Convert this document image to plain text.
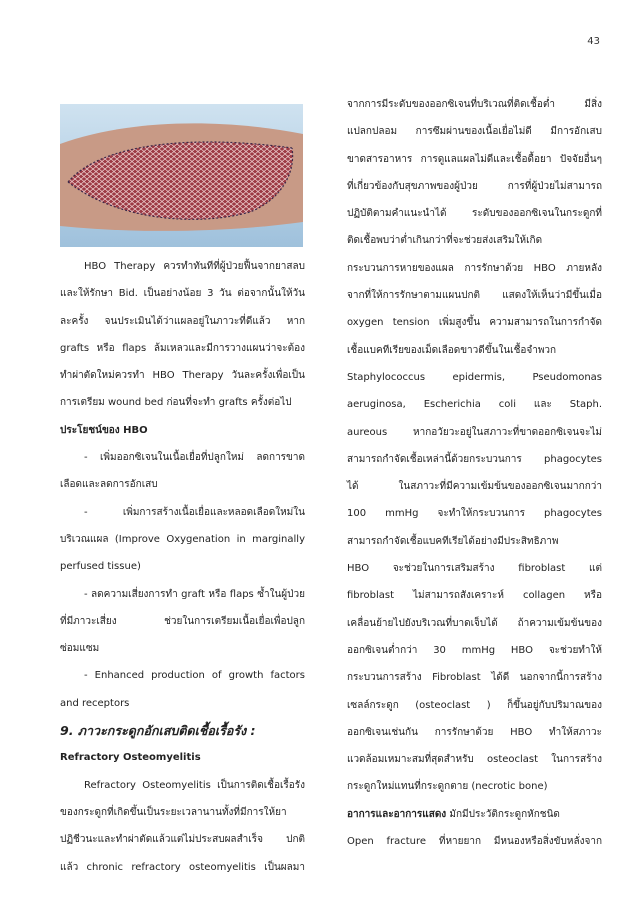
43

HBO Therapy ควรทำทันทีที่ผู้ป่วยฟื้นจากยาสลบ

และให้รักษา Bid. เป็นอย่างน้อย 3 วัน ต่อจากนั้นให้วัน

ละครั้ง จนประเมินได้ว่าแผลอยู่ในภาวะที่ดีแล้ว หาก

grafts หรือ flaps ล้มเหลวและมีการวางแผนว่าจะต้อง

ทำผ่าตัดใหม่ควรทำ HBO Therapy วันละครั้งเพื่อเป็น

การเตรียม wound bed ก่อนที่จะทำ grafts ครั้งต่อไป

ประโยชน์ของ HBO

- เพิ่มออกซิเจนในเนื้อเยื่อที่ปลูกใหม่ ลดการขาด

เลือดและลดการอักเสบ

- เพิ่มการสร้างเนื้อเยื่อและหลอดเลือดใหม่ใน

บริเวณแผล (Improve Oxygenation in marginally

perfused tissue)

- ลดความเสี่ยงการทำ graft หรือ flaps ซ้ำในผู้ป่วย

ที่มีภาวะเสี่ยง ช่วยในการเตรียมเนื้อเยื่อเพื่อปลูก

ซ่อมแซม

- Enhanced production of growth factors

and receptors

9. ภาวะกระดูกอักเสบติดเชื้อเรื้อรัง :

Refractory Osteomyelitis

Refractory Osteomyelitis เป็นการติดเชื้อเรื้อรัง

ของกระดูกที่เกิดขึ้นเป็นระยะเวลานานทั้งที่มีการให้ยา

ปฏิชีวนะและทำผ่าตัดแล้วแต่ไม่ประสบผลสำเร็จ ปกติ

แล้ว chronic refractory osteomyelitis เป็นผลมา

จากการมีระดับของออกซิเจนที่บริเวณที่ติดเชื้อต่ำ มีสิ่ง

แปลกปลอม การซึมผ่านของเนื้อเยื่อไม่ดี มีการอักเสบ

ขาดสารอาหาร การดูแลแผลไม่ดีและเชื้อดื้อยา ปัจจัยอื่นๆ

ที่เกี่ยวข้องกับสุขภาพของผู้ป่วย การที่ผู้ป่วยไม่สามารถ

ปฏิบัติตามคำแนะนำได้ ระดับของออกซิเจนในกระดูกที่

ติดเชื้อพบว่าต่ำเกินกว่าที่จะช่วยส่งเสริมให้เกิด

กระบวนการหายของแผล การรักษาด้วย HBO ภายหลัง

จากที่ให้การรักษาตามแผนปกติ แสดงให้เห็นว่ามีขึ้นเมื่อ

oxygen tension เพิ่มสูงขึ้น ความสามารถในการกำจัด

เชื้อแบคทีเรียของเม็ดเลือดขาวดีขึ้นในเชื้อจำพวก

Staphylococcus epidermis, Pseudomonas

aeruginosa, Escherichia coli และ Staph.

aureous หากอวัยวะอยู่ในสภาวะที่ขาดออกซิเจนจะไม่

สามารถกำจัดเชื้อเหล่านี้ด้วยกระบวนการ phagocytes

ได้ ในสภาวะที่มีความเข้มข้นของออกซิเจนมากกว่า

100 mmHg จะทำให้กระบวนการ phagocytes

สามารถกำจัดเชื้อแบคทีเรียได้อย่างมีประสิทธิภาพ

HBO จะช่วยในการเสริมสร้าง fibroblast แต่

fibroblast ไม่สามารถสังเคราะห์ collagen หรือ

เคลื่อนย้ายไปยังบริเวณที่บาดเจ็บได้ ถ้าความเข้มข้นของ

ออกซิเจนต่ำกว่า 30 mmHg HBO จะช่วยทำให้

กระบวนการสร้าง Fibroblast ได้ดี นอกจากนี้การสร้าง

เซลล์กระดูก (osteoclast ) ก็ขึ้นอยู่กับปริมาณของ

ออกซิเจนเช่นกัน การรักษาด้วย HBO ทำให้สภาวะ

แวดล้อมเหมาะสมที่สุดสำหรับ osteoclast ในการสร้าง

กระดูกใหม่แทนที่กระดูกตาย (necrotic bone)

อาการและอาการแสดง มักมีประวัติกระดูกหักชนิด

Open fracture ที่หายยาก มีหนองหรือสิ่งขับหลั่งจาก
